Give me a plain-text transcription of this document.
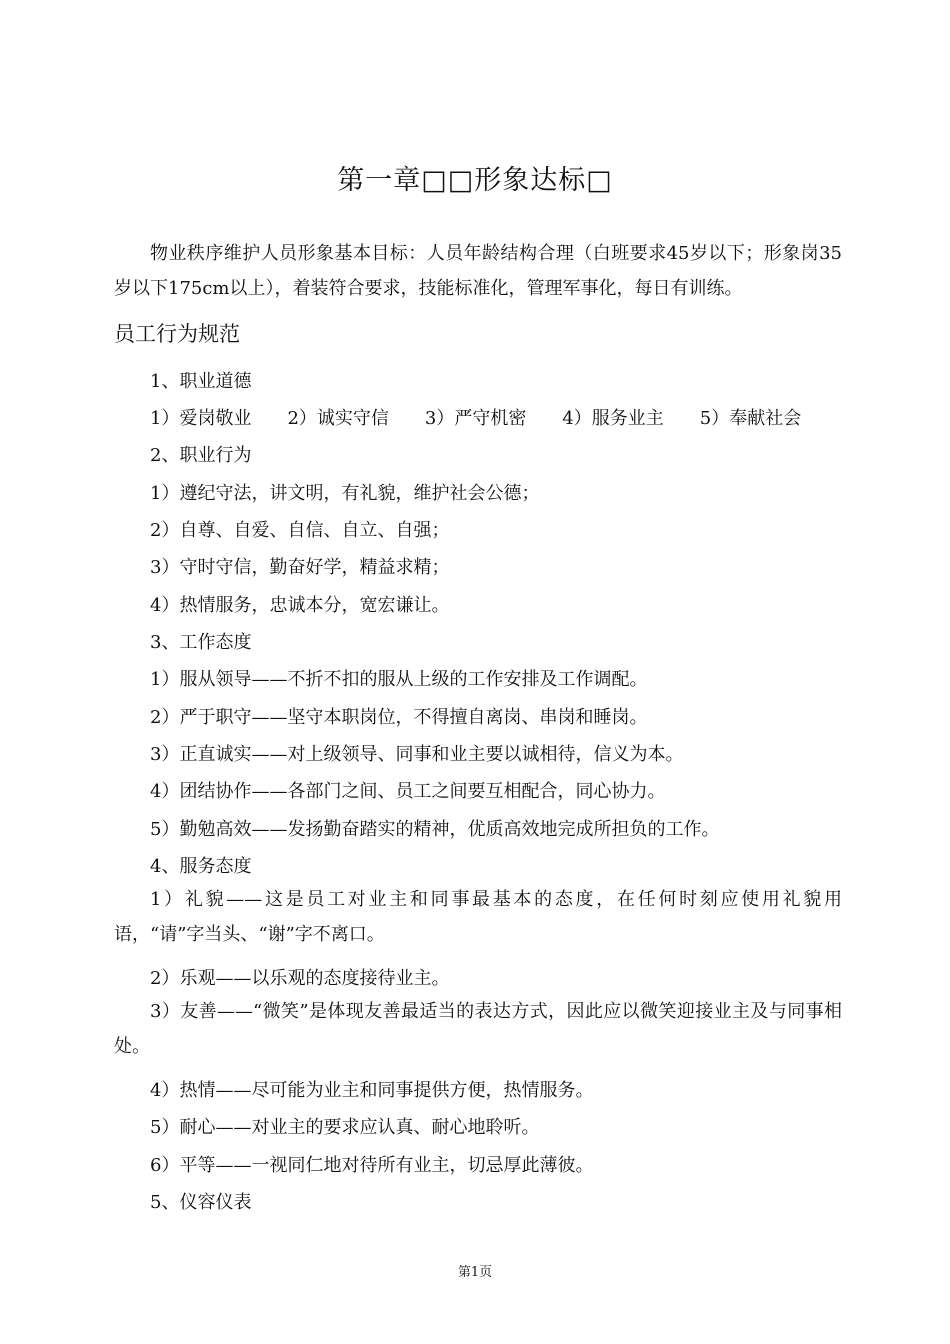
第一章□□形象达标□
物业秩序维护人员形象基本目标：人员年龄结构合理（白班要求45岁以下；形象岗35岁以下175cm以上），着装符合要求，技能标准化，管理军事化，每日有训练。
员工行为规范
1、职业道德
1）爱岗敬业　　2）诚实守信　　3）严守机密　　4）服务业主　　5）奉献社会
2、职业行为
1）遵纪守法，讲文明，有礼貌，维护社会公德；
2）自尊、自爱、自信、自立、自强；
3）守时守信，勤奋好学，精益求精；
4）热情服务，忠诚本分，宽宏谦让。
3、工作态度
1）服从领导——不折不扣的服从上级的工作安排及工作调配。
2）严于职守——坚守本职岗位，不得擅自离岗、串岗和睡岗。
3）正直诚实——对上级领导、同事和业主要以诚相待，信义为本。
4）团结协作——各部门之间、员工之间要互相配合，同心协力。
5）勤勉高效——发扬勤奋踏实的精神，优质高效地完成所担负的工作。
4、服务态度
1）礼貌——这是员工对业主和同事最基本的态度，在任何时刻应使用礼貌用语，“请”字当头、“谢”字不离口。
2）乐观——以乐观的态度接待业主。
3）友善——“微笑”是体现友善最适当的表达方式，因此应以微笑迎接业主及与同事相处。
4）热情——尽可能为业主和同事提供方便，热情服务。
5）耐心——对业主的要求应认真、耐心地聆听。
6）平等——一视同仁地对待所有业主，切忌厚此薄彼。
5、仪容仪表
第1页
